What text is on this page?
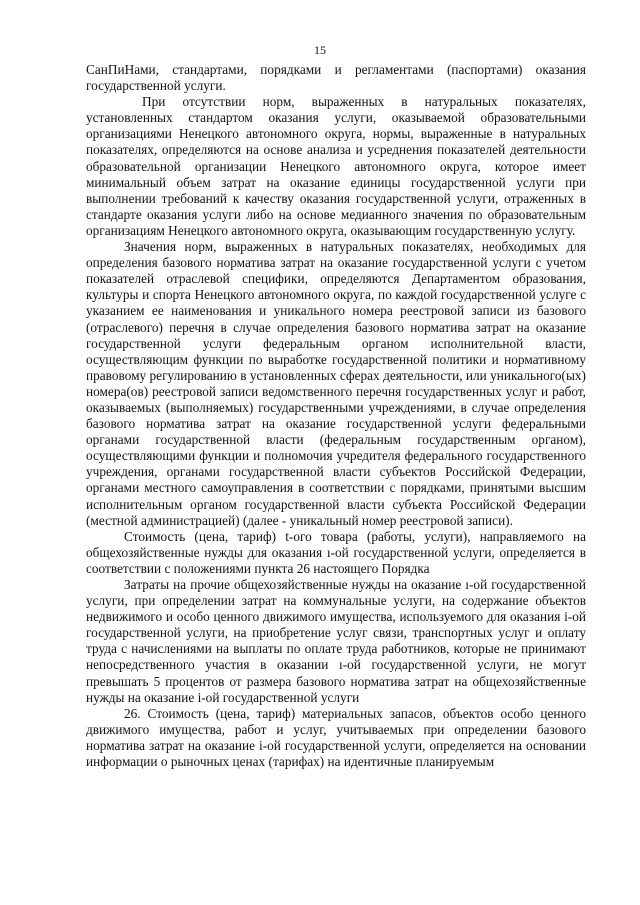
15

СанПиНами, стандартами, порядками и регламентами (паспортами) оказания государственной услуги.

При отсутствии норм, выраженных в натуральных показателях, установленных стандартом оказания услуги, оказываемой образовательными организациями Ненецкого автономного округа, нормы, выраженные в натуральных показателях, определяются на основе анализа и усреднения показателей деятельности образовательной организации Ненецкого автономного округа, которое имеет минимальный объем затрат на оказание единицы государственной услуги при выполнении требований к качеству оказания государственной услуги, отраженных в стандарте оказания услуги либо на основе медианного значения по образовательным организациям Ненецкого автономного округа, оказывающим государственную услугу.

Значения норм, выраженных в натуральных показателях, необходимых для определения базового норматива затрат на оказание государственной услуги с учетом показателей отраслевой специфики, определяются Департаментом образования, культуры и спорта Ненецкого автономного округа, по каждой государственной услуге с указанием ее наименования и уникального номера реестровой записи из базового (отраслевого) перечня в случае определения базового норматива затрат на оказание государственной услуги федеральным органом исполнительной власти, осуществляющим функции по выработке государственной политики и нормативному правовому регулированию в установленных сферах деятельности, или уникального(ых) номера(ов) реестровой записи ведомственного перечня государственных услуг и работ, оказываемых (выполняемых) государственными учреждениями, в случае определения базового норматива затрат на оказание государственной услуги федеральными органами государственной власти (федеральным государственным органом), осуществляющими функции и полномочия учредителя федерального государственного учреждения, органами государственной власти субъектов Российской Федерации, органами местного самоуправления в соответствии с порядками, принятыми высшим исполнительным органом государственной власти субъекта Российской Федерации (местной администрацией) (далее - уникальный номер реестровой записи).

Стоимость (цена, тариф) t-ого товара (работы, услуги), направляемого на общехозяйственные нужды для оказания ı-ой государственной услуги, определяется в соответствии с положениями пункта 26 настоящего Порядка

Затраты на прочие общехозяйственные нужды на оказание ı-ой государственной услуги, при определении затрат на коммунальные услуги, на содержание объектов недвижимого и особо ценного движимого имущества, используемого для оказания i-ой государственной услуги, на приобретение услуг связи, транспортных услуг и оплату труда с начислениями на выплаты по оплате труда работников, которые не принимают непосредственного участия в оказании ı-ой государственной услуги, не могут превышать 5 процентов от размера базового норматива затрат на общехозяйственные нужды на оказание i-ой государственной услуги

26. Стоимость (цена, тариф) материальных запасов, объектов особо ценного движимого имущества, работ и услуг, учитываемых при определении базового норматива затрат на оказание i-ой государственной услуги, определяется на основании информации о рыночных ценах (тарифах) на идентичные планируемым
